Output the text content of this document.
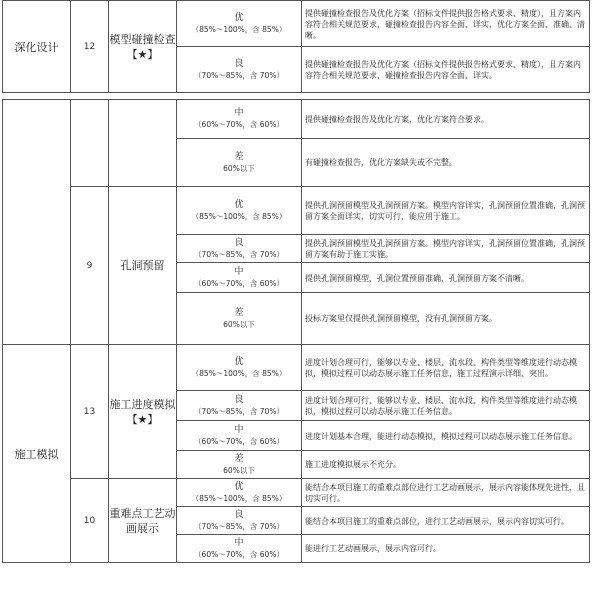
深化设计	12	模型碰撞检查【★】	优
（85%～100%，含 85%）	提供碰撞检查报告及优化方案（招标文件提供报告格式要求、精度），且方案内容符合相关规范要求，碰撞检查报告内容全面、详实，优化方案全面、准确、清晰。

			良
（70%～85%，含 70%）	提供碰撞检查报告及优化方案（招标文件提供报告格式要求、精度），且方案内容符合相关规范要求，碰撞检查报告内容全面、详实。

			中
（60%～70%，含 60%）	提供碰撞检查报告及优化方案，优化方案符合要求。

			差
60%以下	有碰撞检查报告，优化方案缺失或不完整。
	9	孔洞预留	优
（85%～100%，含 85%）	提供孔洞预留模型及孔洞预留方案。模型内容详实，孔洞预留位置准确，孔洞预留方案全面详实，切实可行，能应用于施工。

			良
（70%～85%，含 70%）	提供孔洞预留模型及孔洞预留方案。模型内容详实，孔洞预留位置准确，孔洞预留方案有助于施工实施。

			中
（60%～70%，含 60%）	提供孔洞预留模型，孔洞位置预留准确，孔洞预留方案不清晰。

			差
60%以下	投标方案里仅提供孔洞预留模型，没有孔洞预留方案。
施工模拟	13	施工进度模拟【★】	优
（85%～100%，含 85%）	进度计划合理可行，能够以专业、楼层、流水段、构件类型等维度进行动态模拟，模拟过程可以动态展示施工任务信息，施工过程演示详细、突出。

			良
（70%～85%，含 70%）	进度计划合理可行，能够以专业、楼层、流水段、构件类型等维度进行动态模拟，模拟过程可以动态展示施工任务信息。

			中
（60%～70%，含 60%）	进度计划基本合理，能进行动态模拟，模拟过程可以动态展示施工任务信息。

			差
60%以下	施工进度模拟展示不充分。
	10	重难点工艺动画展示	优
（85%～100%，含 85%）	能结合本项目施工的重难点部位进行工艺动画展示，展示内容能体现先进性，且切实可行。

			良
（70%～85%，含 70%）	能结合本项目施工的重难点部位，进行工艺动画展示，展示内容切实可行。

			中
（60%～70%，含 60%）	能进行工艺动画展示，展示内容可行。
